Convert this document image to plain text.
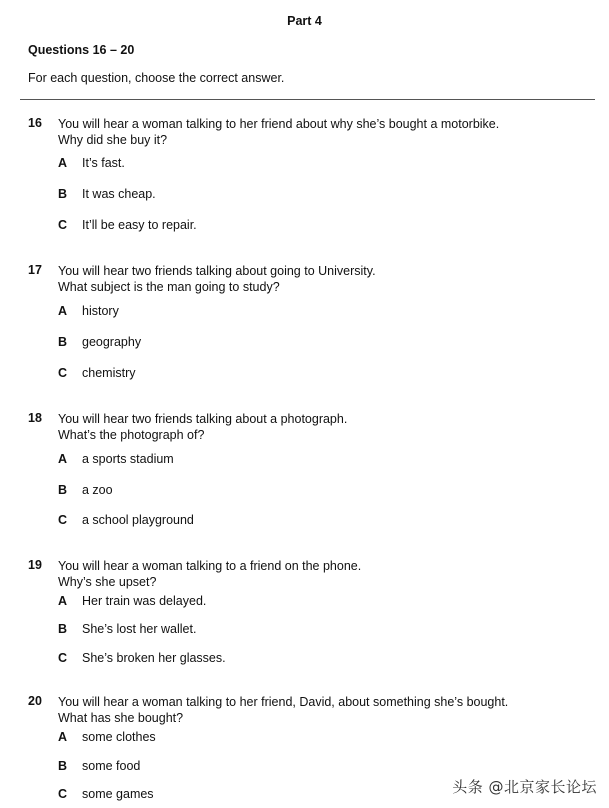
Part 4
Questions 16 – 20
For each question, choose the correct answer.
16	You will hear a woman talking to her friend about why she’s bought a motorbike.
Why did she buy it?
A It’s fast.
B It was cheap.
C It’ll be easy to repair.
17	You will hear two friends talking about going to University.
What subject is the man going to study?
A history
B geography
C chemistry
18	You will hear two friends talking about a photograph.
What’s the photograph of?
A a sports stadium
B a zoo
C a school playground
19	You will hear a woman talking to a friend on the phone.
Why’s she upset?
A Her train was delayed.
B She’s lost her wallet.
C She’s broken her glasses.
20	You will hear a woman talking to her friend, David, about something she’s bought.
What has she bought?
A some clothes
B some food
C some games	头条 @北京家长论坛
